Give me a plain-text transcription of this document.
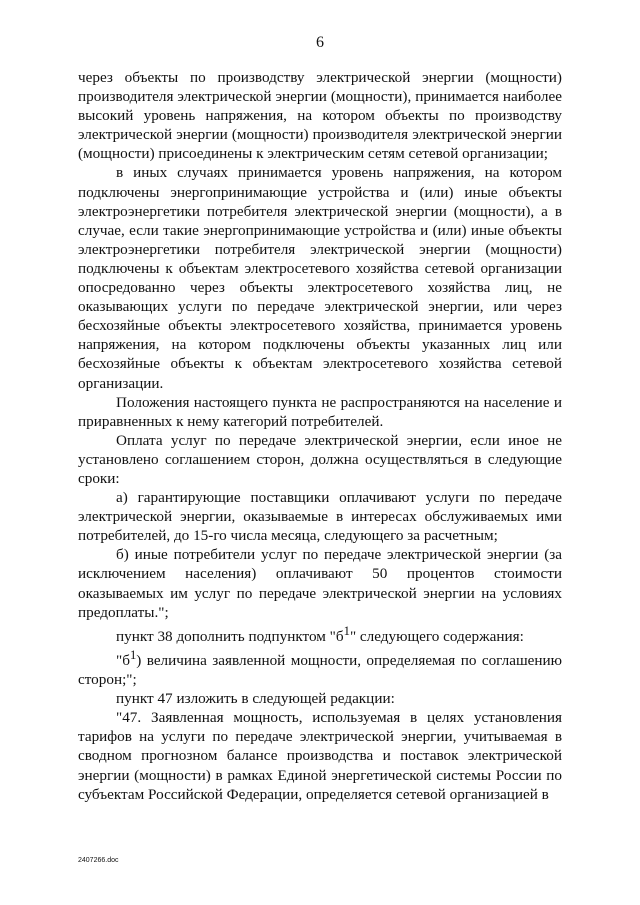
6

через объекты по производству электрической энергии (мощности) производителя электрической энергии (мощности), принимается наиболее высокий уровень напряжения, на котором объекты по производству электрической энергии (мощности) производителя электрической энергии (мощности) присоединены к электрическим сетям сетевой организации;

в иных случаях принимается уровень напряжения, на котором подключены энергопринимающие устройства и (или) иные объекты электроэнергетики потребителя электрической энергии (мощности), а в случае, если такие энергопринимающие устройства и (или) иные объекты электроэнергетики потребителя электрической энергии (мощности) подключены к объектам электросетевого хозяйства сетевой организации опосредованно через объекты электросетевого хозяйства лиц, не оказывающих услуги по передаче электрической энергии, или через бесхозяйные объекты электросетевого хозяйства, принимается уровень напряжения, на котором подключены объекты указанных лиц или бесхозяйные объекты к объектам электросетевого хозяйства сетевой организации.

Положения настоящего пункта не распространяются на население и приравненных к нему категорий потребителей.

Оплата услуг по передаче электрической энергии, если иное не установлено соглашением сторон, должна осуществляться в следующие сроки:

а) гарантирующие поставщики оплачивают услуги по передаче электрической энергии, оказываемые в интересах обслуживаемых ими потребителей, до 15-го числа месяца, следующего за расчетным;

б) иные потребители услуг по передаче электрической энергии (за исключением населения) оплачивают 50 процентов стоимости оказываемых им услуг по передаче электрической энергии на условиях предоплаты.";

пункт 38 дополнить подпунктом "$б^1$" следующего содержания:

"$б^1$) величина заявленной мощности, определяемая по соглашению сторон;";

пункт 47 изложить в следующей редакции:

"47. Заявленная мощность, используемая в целях установления тарифов на услуги по передаче электрической энергии, учитываемая в сводном прогнозном балансе производства и поставок электрической энергии (мощности) в рамках Единой энергетической системы России по субъектам Российской Федерации, определяется сетевой организацией в

2407266.doc
